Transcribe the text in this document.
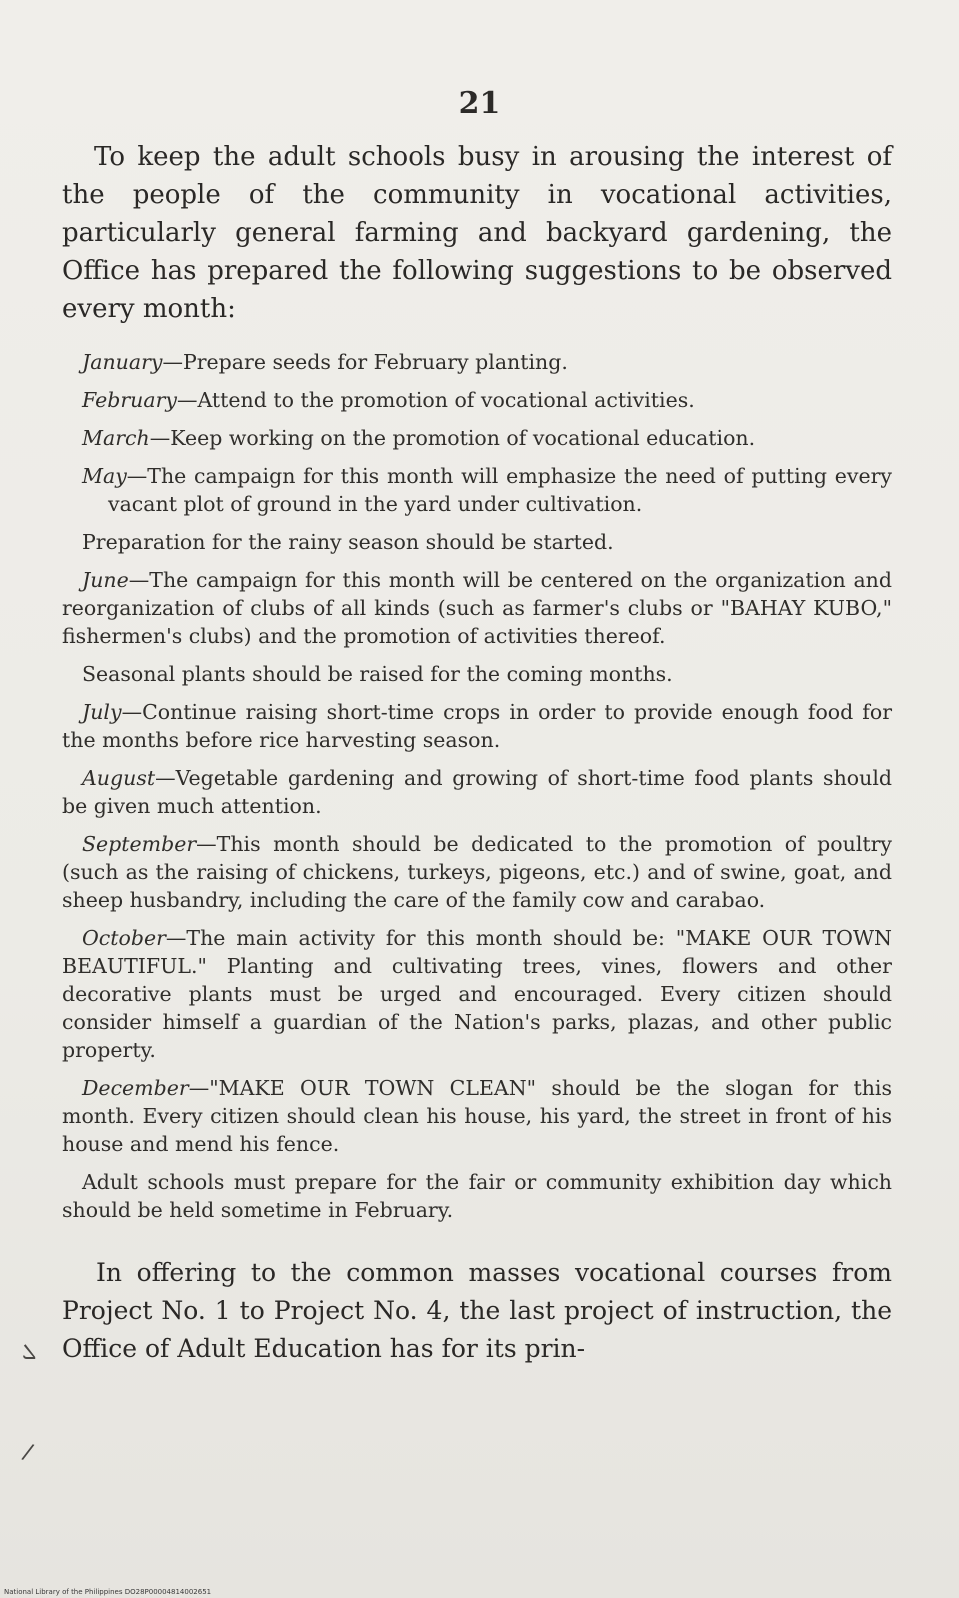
21

To keep the adult schools busy in arousing the interest of the people of the community in vocational activities, particularly general farming and backyard gardening, the Office has prepared the following suggestions to be observed every month:

January—Prepare seeds for February planting.

February—Attend to the promotion of vocational activities.

March—Keep working on the promotion of vocational education.

May—The campaign for this month will emphasize the need of putting every vacant plot of ground in the yard under cultivation.

Preparation for the rainy season should be started.

June—The campaign for this month will be centered on the organization and reorganization of clubs of all kinds (such as farmer's clubs or "BAHAY KUBO," fishermen's clubs) and the promotion of activities thereof.

Seasonal plants should be raised for the coming months.

July—Continue raising short-time crops in order to provide enough food for the months before rice harvesting season.

August—Vegetable gardening and growing of short-time food plants should be given much attention.

September—This month should be dedicated to the promotion of poultry (such as the raising of chickens, turkeys, pigeons, etc.) and of swine, goat, and sheep husbandry, including the care of the family cow and carabao.

October—The main activity for this month should be: "MAKE OUR TOWN BEAUTIFUL." Planting and cultivating trees, vines, flowers and other decorative plants must be urged and encouraged. Every citizen should consider himself a guardian of the Nation's parks, plazas, and other public property.

December—"MAKE OUR TOWN CLEAN" should be the slogan for this month. Every citizen should clean his house, his yard, the street in front of his house and mend his fence.

Adult schools must prepare for the fair or community exhibition day which should be held sometime in February.

In offering to the common masses vocational courses from Project No. 1 to Project No. 4, the last project of instruction, the Office of Adult Education has for its prin-

ܠ
/
National Library of the Philippines DO28P00004814002651
